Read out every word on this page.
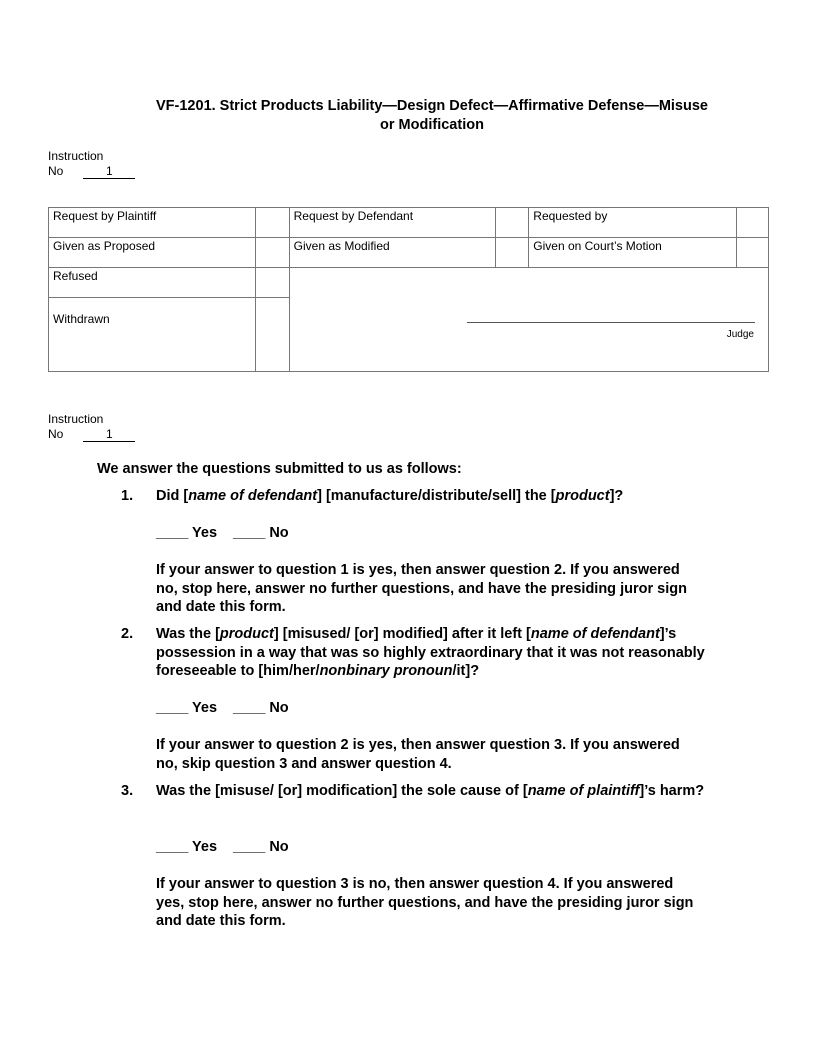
VF-1201. Strict Products Liability—Design Defect—Affirmative Defense—Misuse
or Modification
Instruction
No	1
Request by Plaintiff		Request by Defendant		Requested by	
Given as Proposed		Given as Modified		Given on Court’s Motion	
Refused					
Withdrawn					
Judge
Instruction
No	1
We answer the questions submitted to us as follows:
1. Did [name of defendant] [manufacture/distribute/sell] the [product]?
____ Yes ____ No
If your answer to question 1 is yes, then answer question 2. If you answered no, stop here, answer no further questions, and have the presiding juror sign and date this form.
2. Was the [product] [misused/ [or] modified] after it left [name of defendant]’s possession in a way that was so highly extraordinary that it was not reasonably foreseeable to [him/her/nonbinary pronoun/it]?
____ Yes ____ No
If your answer to question 2 is yes, then answer question 3. If you answered no, skip question 3 and answer question 4.
3. Was the [misuse/ [or] modification] the sole cause of [name of plaintiff]’s harm?
____ Yes ____ No
If your answer to question 3 is no, then answer question 4. If you answered yes, stop here, answer no further questions, and have the presiding juror sign and date this form.
